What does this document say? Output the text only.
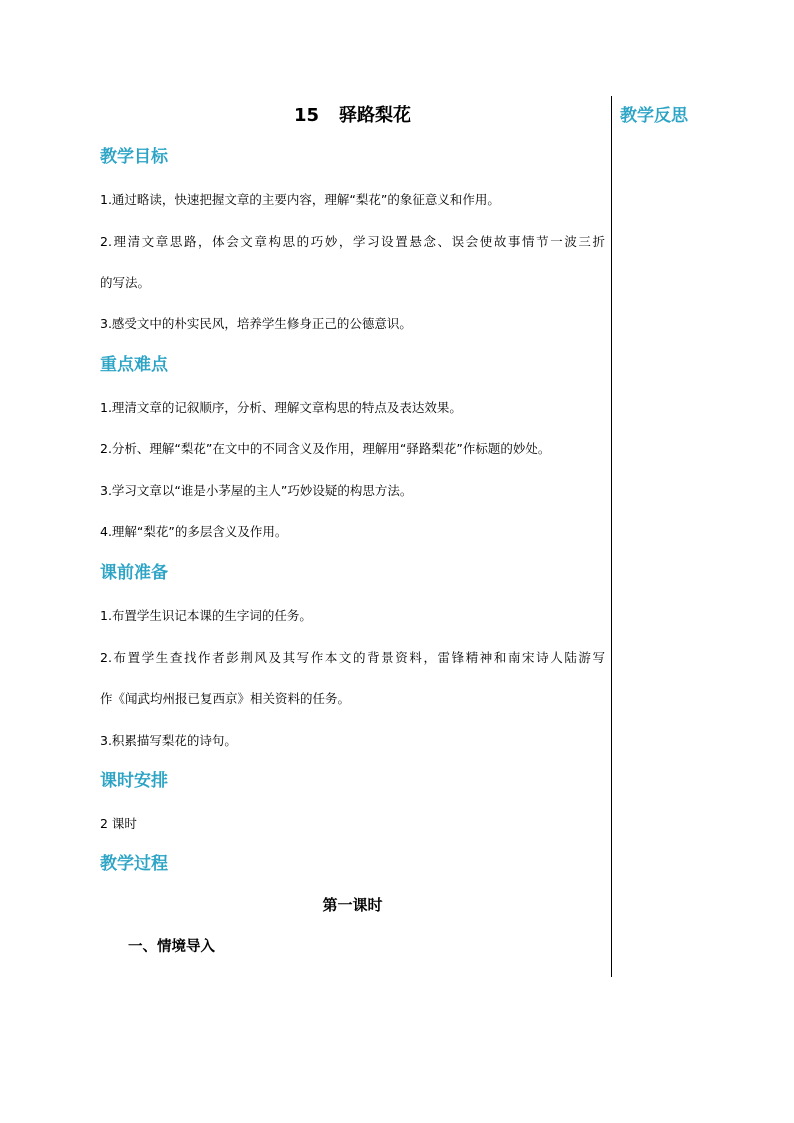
15 驿路梨花
教学目标
1.通过略读，快速把握文章的主要内容，理解“梨花”的象征意义和作用。
2.理清文章思路，体会文章构思的巧妙，学习设置悬念、误会使故事情节一波三折
的写法。
3.感受文中的朴实民风，培养学生修身正己的公德意识。
重点难点
1.理清文章的记叙顺序，分析、理解文章构思的特点及表达效果。
2.分析、理解“梨花”在文中的不同含义及作用，理解用“驿路梨花”作标题的妙处。
3.学习文章以“谁是小茅屋的主人”巧妙设疑的构思方法。
4.理解“梨花”的多层含义及作用。
课前准备
1.布置学生识记本课的生字词的任务。
2.布置学生查找作者彭荆风及其写作本文的背景资料，雷锋精神和南宋诗人陆游写
作《闻武均州报已复西京》相关资料的任务。
3.积累描写梨花的诗句。
课时安排
2 课时
教学过程
第一课时
一、情境导入
教学反思
